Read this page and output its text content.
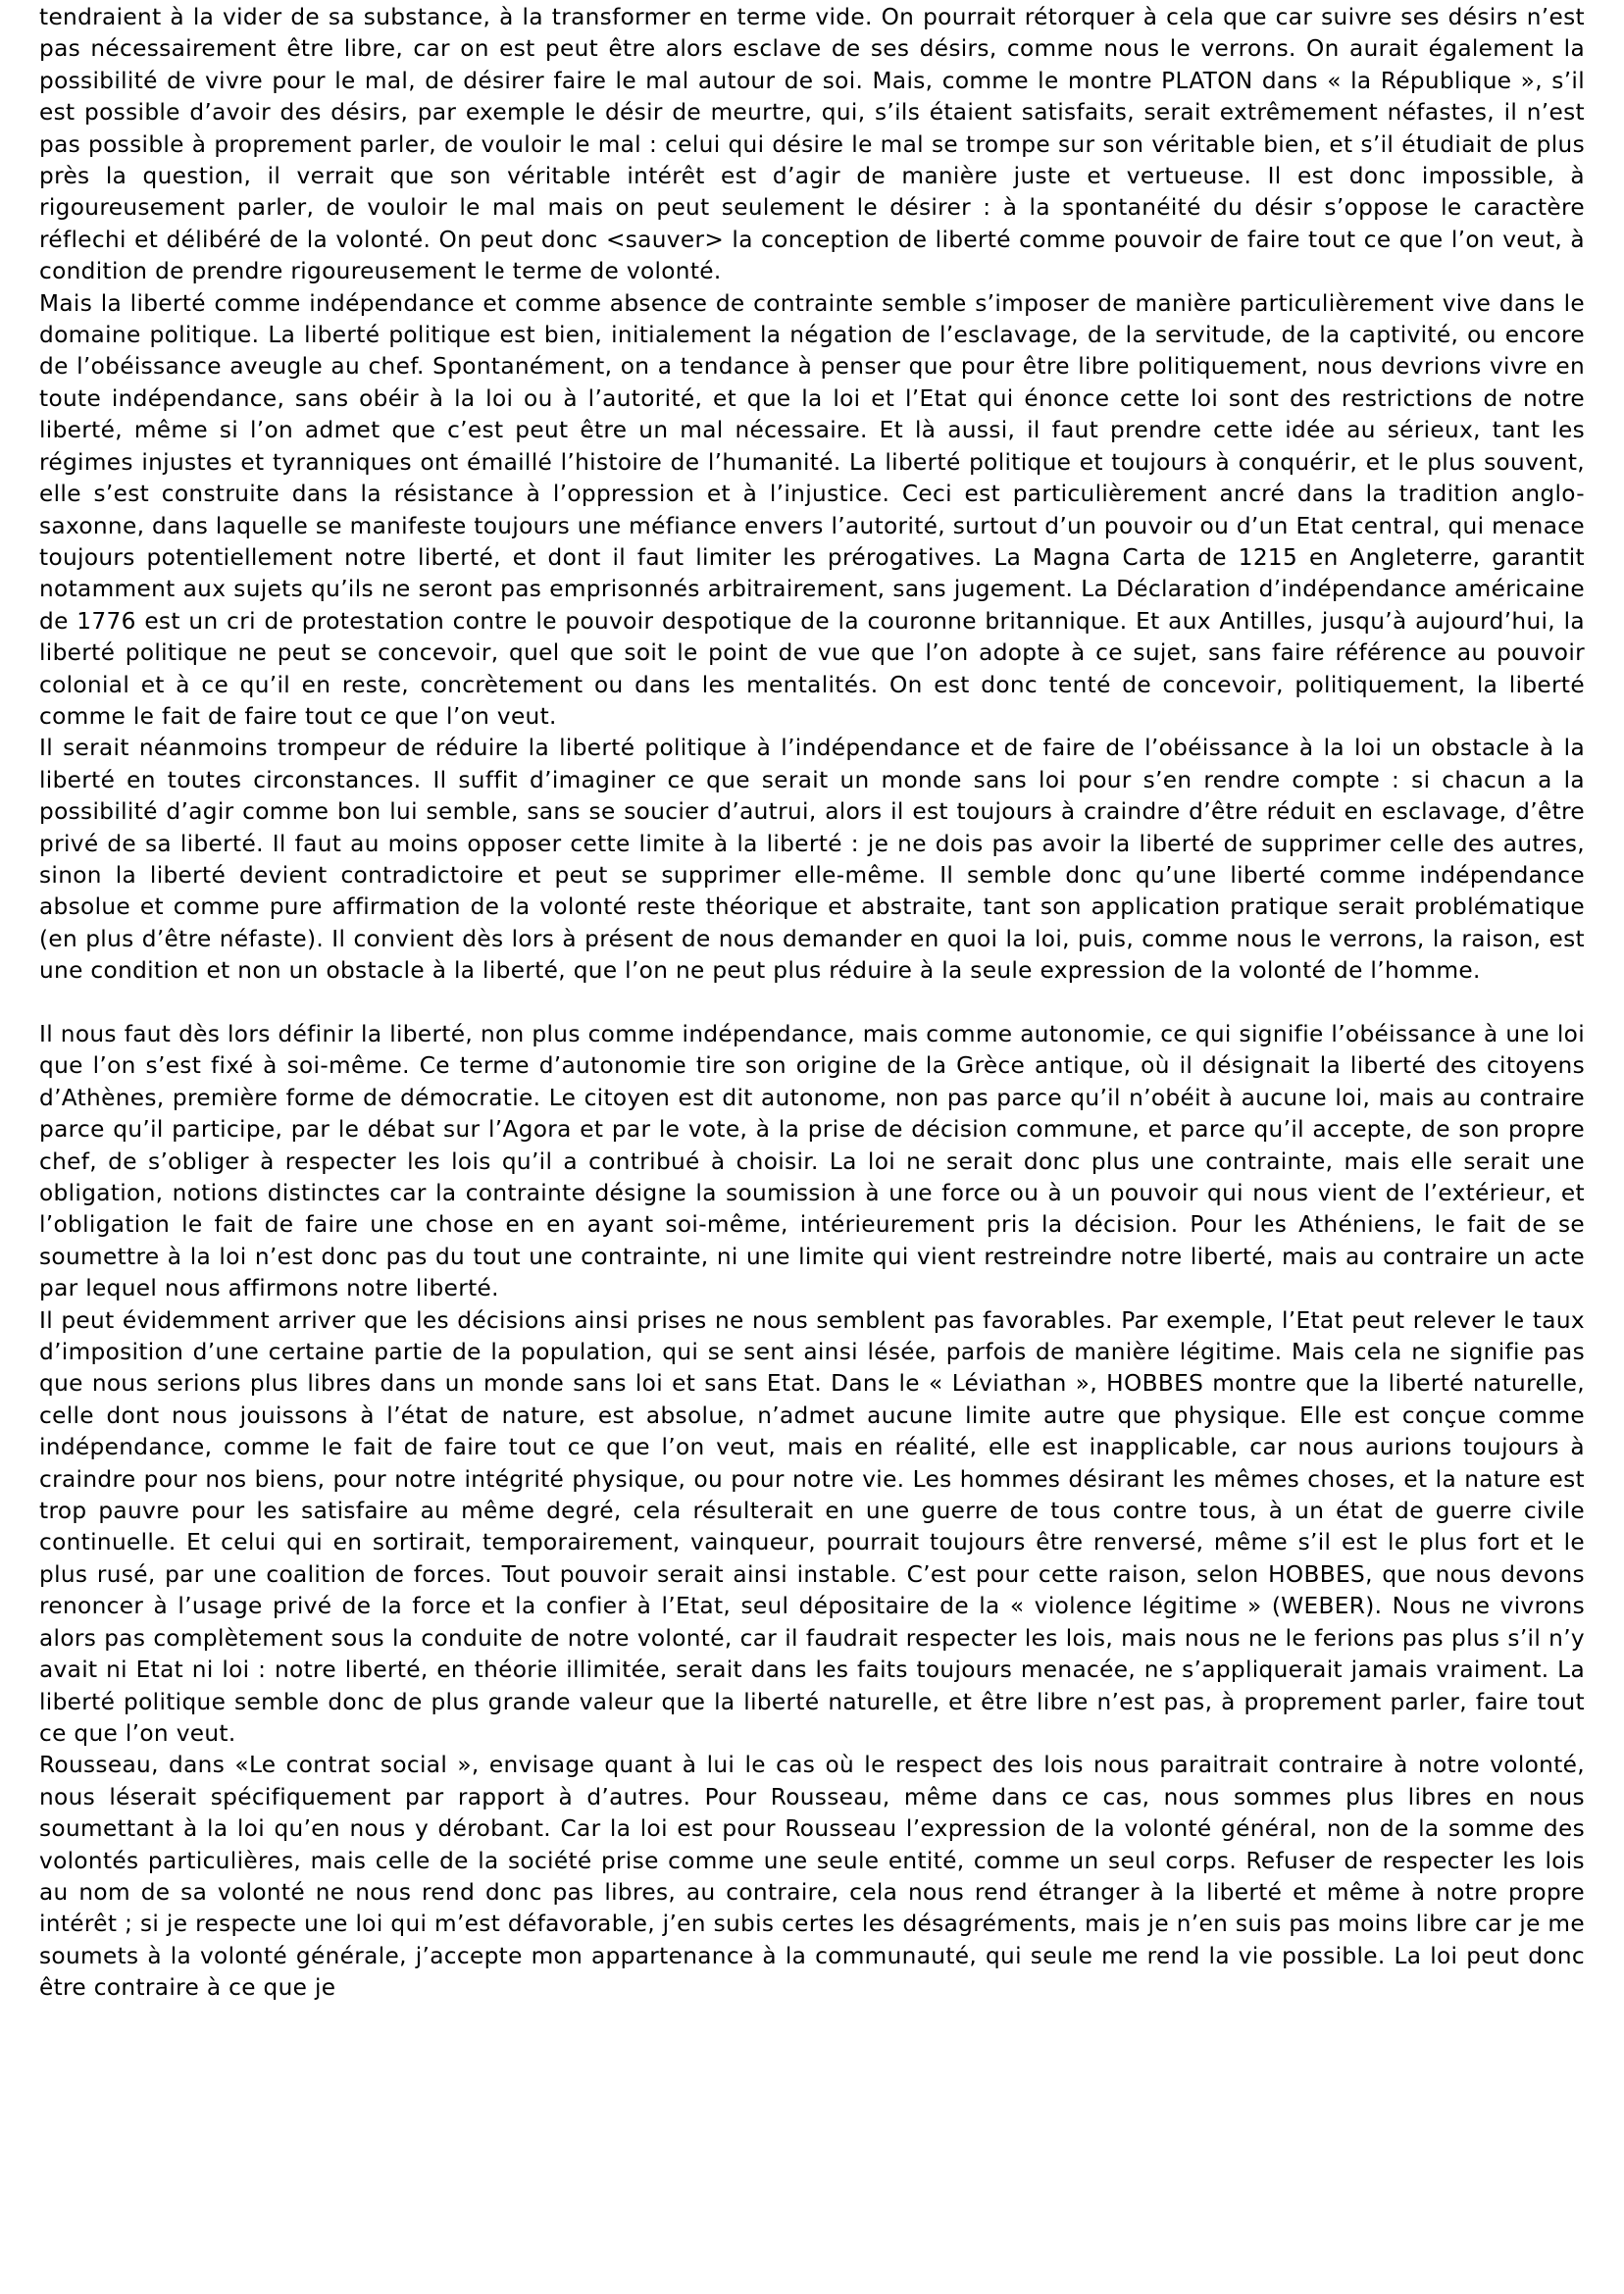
tendraient à la vider de sa substance, à la transformer en terme vide. On pourrait rétorquer à cela que car suivre ses désirs n’est pas nécessairement être libre, car on est peut être alors esclave de ses désirs, comme nous le verrons. On aurait également la possibilité de vivre pour le mal, de désirer faire le mal autour de soi. Mais, comme le montre PLATON dans « la République », s’il est possible d’avoir des désirs, par exemple le désir de meurtre, qui, s’ils étaient satisfaits, serait extrêmement néfastes, il n’est pas possible à proprement parler, de vouloir le mal : celui qui désire le mal se trompe sur son véritable bien, et s’il étudiait de plus près la question, il verrait que son véritable intérêt est d’agir de manière juste et vertueuse. Il est donc impossible, à rigoureusement parler, de vouloir le mal mais on peut seulement le désirer : à la spontanéité du désir s’oppose le caractère réflechi et délibéré de la volonté. On peut donc <sauver> la conception de liberté comme pouvoir de faire tout ce que l’on veut, à condition de prendre rigoureusement le terme de volonté.

Mais la liberté comme indépendance et comme absence de contrainte semble s’imposer de manière particulièrement vive dans le domaine politique. La liberté politique est bien, initialement la négation de l’esclavage, de la servitude, de la captivité, ou encore de l’obéissance aveugle au chef. Spontanément, on a tendance à penser que pour être libre politiquement, nous devrions vivre en toute indépendance, sans obéir à la loi ou à l’autorité, et que la loi et l’Etat qui énonce cette loi sont des restrictions de notre liberté, même si l’on admet que c’est peut être un mal nécessaire. Et là aussi, il faut prendre cette idée au sérieux, tant les régimes injustes et tyranniques ont émaillé l’histoire de l’humanité. La liberté politique et toujours à conquérir, et le plus souvent, elle s’est construite dans la résistance à l’oppression et à l’injustice. Ceci est particulièrement ancré dans la tradition anglo-saxonne, dans laquelle se manifeste toujours une méfiance envers l’autorité, surtout d’un pouvoir ou d’un Etat central, qui menace toujours potentiellement notre liberté, et dont il faut limiter les prérogatives. La Magna Carta de 1215 en Angleterre, garantit notamment aux sujets qu’ils ne seront pas emprisonnés arbitrairement, sans jugement. La Déclaration d’indépendance américaine de 1776 est un cri de protestation contre le pouvoir despotique de la couronne britannique. Et aux Antilles, jusqu’à aujourd’hui, la liberté politique ne peut se concevoir, quel que soit le point de vue que l’on adopte à ce sujet, sans faire référence au pouvoir colonial et à ce qu’il en reste, concrètement ou dans les mentalités. On est donc tenté de concevoir, politiquement, la liberté comme le fait de faire tout ce que l’on veut.

Il serait néanmoins trompeur de réduire la liberté politique à l’indépendance et de faire de l’obéissance à la loi un obstacle à la liberté en toutes circonstances. Il suffit d’imaginer ce que serait un monde sans loi pour s’en rendre compte : si chacun a la possibilité d’agir comme bon lui semble, sans se soucier d’autrui, alors il est toujours à craindre d’être réduit en esclavage, d’être privé de sa liberté. Il faut au moins opposer cette limite à la liberté : je ne dois pas avoir la liberté de supprimer celle des autres, sinon la liberté devient contradictoire et peut se supprimer elle-même. Il semble donc qu’une liberté comme indépendance absolue et comme pure affirmation de la volonté reste théorique et abstraite, tant son application pratique serait problématique (en plus d’être néfaste). Il convient dès lors à présent de nous demander en quoi la loi, puis, comme nous le verrons, la raison, est une condition et non un obstacle à la liberté, que l’on ne peut plus réduire à la seule expression de la volonté de l’homme.

Il nous faut dès lors définir la liberté, non plus comme indépendance, mais comme autonomie, ce qui signifie l’obéissance à une loi que l’on s’est fixé à soi-même. Ce terme d’autonomie tire son origine de la Grèce antique, où il désignait la liberté des citoyens d’Athènes, première forme de démocratie. Le citoyen est dit autonome, non pas parce qu’il n’obéit à aucune loi, mais au contraire parce qu’il participe, par le débat sur l’Agora et par le vote, à la prise de décision commune, et parce qu’il accepte, de son propre chef, de s’obliger à respecter les lois qu’il a contribué à choisir. La loi ne serait donc plus une contrainte, mais elle serait une obligation, notions distinctes car la contrainte désigne la soumission à une force ou à un pouvoir qui nous vient de l’extérieur, et l’obligation le fait de faire une chose en en ayant soi-même, intérieurement pris la décision. Pour les Athéniens, le fait de se soumettre à la loi n’est donc pas du tout une contrainte, ni une limite qui vient restreindre notre liberté, mais au contraire un acte par lequel nous affirmons notre liberté.

Il peut évidemment arriver que les décisions ainsi prises ne nous semblent pas favorables. Par exemple, l’Etat peut relever le taux d’imposition d’une certaine partie de la population, qui se sent ainsi lésée, parfois de manière légitime. Mais cela ne signifie pas que nous serions plus libres dans un monde sans loi et sans Etat. Dans le « Léviathan », HOBBES montre que la liberté naturelle, celle dont nous jouissons à l’état de nature, est absolue, n’admet aucune limite autre que physique. Elle est conçue comme indépendance, comme le fait de faire tout ce que l’on veut, mais en réalité, elle est inapplicable, car nous aurions toujours à craindre pour nos biens, pour notre intégrité physique, ou pour notre vie. Les hommes désirant les mêmes choses, et la nature est trop pauvre pour les satisfaire au même degré, cela résulterait en une guerre de tous contre tous, à un état de guerre civile continuelle. Et celui qui en sortirait, temporairement, vainqueur, pourrait toujours être renversé, même s’il est le plus fort et le plus rusé, par une coalition de forces. Tout pouvoir serait ainsi instable. C’est pour cette raison, selon HOBBES, que nous devons renoncer à l’usage privé de la force et la confier à l’Etat, seul dépositaire de la « violence légitime » (WEBER). Nous ne vivrons alors pas complètement sous la conduite de notre volonté, car il faudrait respecter les lois, mais nous ne le ferions pas plus s’il n’y avait ni Etat ni loi : notre liberté, en théorie illimitée, serait dans les faits toujours menacée, ne s’appliquerait jamais vraiment. La liberté politique semble donc de plus grande valeur que la liberté naturelle, et être libre n’est pas, à proprement parler, faire tout ce que l’on veut.

Rousseau, dans «Le contrat social », envisage quant à lui le cas où le respect des lois nous paraitrait contraire à notre volonté, nous léserait spécifiquement par rapport à d’autres. Pour Rousseau, même dans ce cas, nous sommes plus libres en nous soumettant à la loi qu’en nous y dérobant. Car la loi est pour Rousseau l’expression de la volonté général, non de la somme des volontés particulières, mais celle de la société prise comme une seule entité, comme un seul corps. Refuser de respecter les lois au nom de sa volonté ne nous rend donc pas libres, au contraire, cela nous rend étranger à la liberté et même à notre propre intérêt ; si je respecte une loi qui m’est défavorable, j’en subis certes les désagréments, mais je n’en suis pas moins libre car je me soumets à la volonté générale, j’accepte mon appartenance à la communauté, qui seule me rend la vie possible. La loi peut donc être contraire à ce que je
